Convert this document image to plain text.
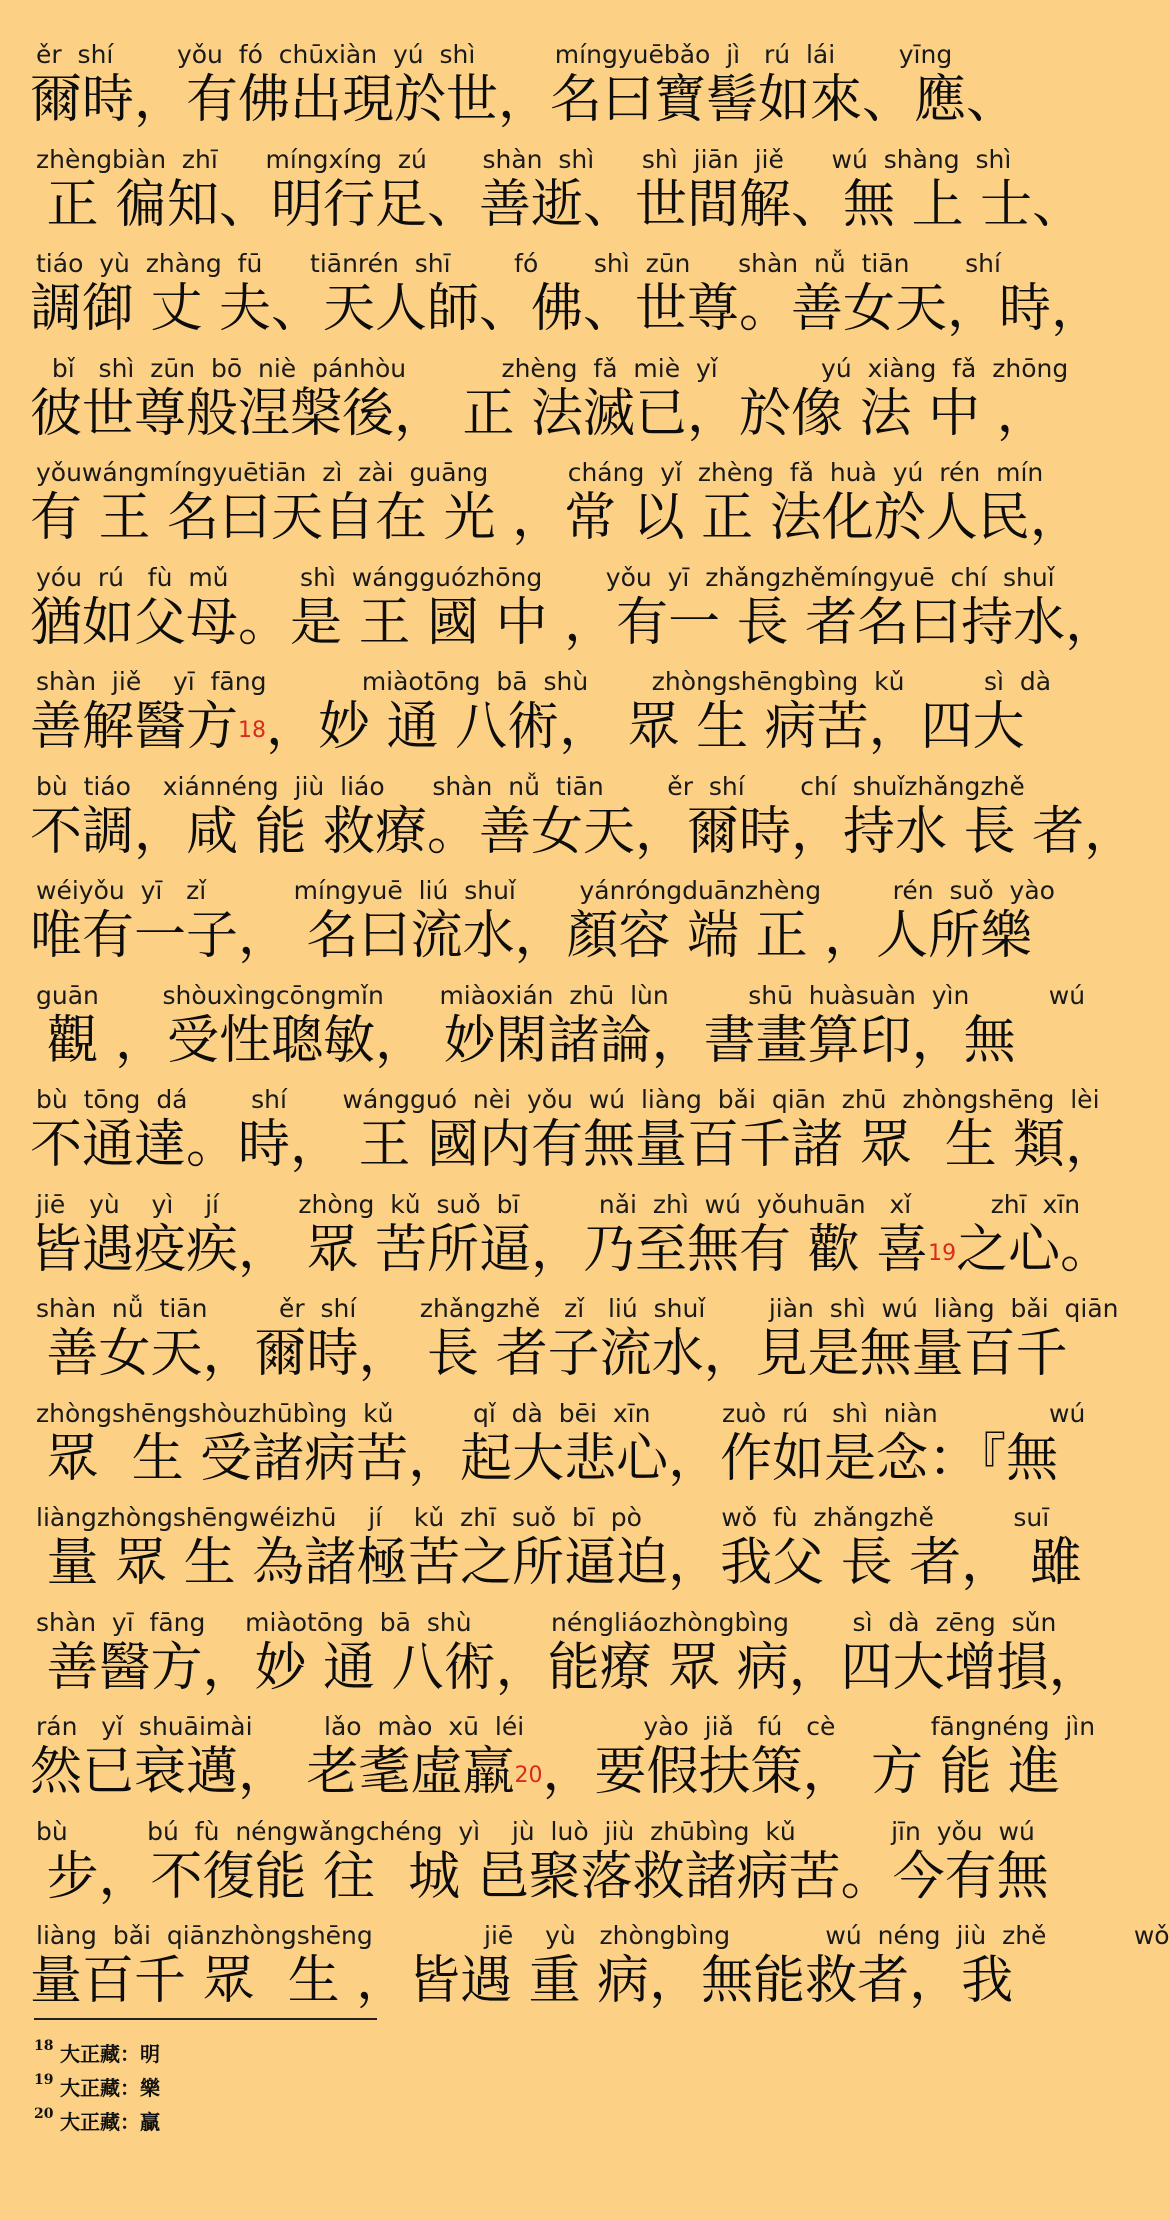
ěr  shí        yǒu  fó  chūxiàn  yú  shì          míngyuēbǎo  jì   rú  lái        yīng
爾時，有佛出現於世，名曰寶髻如來、應、
zhèngbiàn  zhī      míngxíng  zú       shàn  shì      shì  jiān  jiě      wú  shàng  shì
正 徧知、明行足、善逝、世間解、無 上 士、
tiáo  yù  zhàng  fū      tiānrén  shī        fó       shì  zūn      shàn  nǚ  tiān       shí
調御 丈 夫、天人師、佛、世尊。善女天，時，
bǐ   shì  zūn  bō  niè  pánhòu            zhèng  fǎ  miè  yǐ             yú  xiàng  fǎ  zhōng
彼世尊般涅槃後， 正 法滅已，於像 法 中 ，
yǒuwángmíngyuētiān  zì  zài  guāng          cháng  yǐ  zhèng  fǎ  huà  yú  rén  mín
有 王 名曰天自在 光 ，常 以 正 法化於人民，
yóu  rú   fù  mǔ         shì  wángguózhōng        yǒu  yī  zhǎngzhěmíngyuē  chí  shuǐ
猶如父母。是 王 國 中 ，有一 長 者名曰持水，
shàn  jiě    yī  fāng            miàotōng  bā  shù        zhòngshēngbìng  kǔ          sì  dà
善解醫方$^{18}$，妙 通 八術， 眾 生 病苦，四大
bù  tiáo    xiánnéng  jiù  liáo      shàn  nǚ  tiān        ěr  shí       chí  shuǐzhǎngzhě
不調，咸 能 救療。善女天，爾時，持水 長 者，
wéiyǒu  yī   zǐ           míngyuē  liú  shuǐ        yánróngduānzhèng         rén  suǒ  yào
唯有一子， 名曰流水，顏容 端 正 ，人所樂
guān        shòuxìngcōngmǐn       miàoxián  zhū  lùn          shū  huàsuàn  yìn          wú
觀 ，受性聰敏， 妙閑諸論，書畫算印，無
bù  tōng  dá        shí       wángguó  nèi  yǒu  wú  liàng  bǎi  qiān  zhū  zhòngshēng  lèi
不通達。時， 王 國内有無量百千諸 眾  生 類，
jiē   yù    yì    jí          zhòng  kǔ  suǒ  bī          nǎi  zhì  wú  yǒuhuān   xǐ          zhī  xīn
皆遇疫疾， 眾 苦所逼，乃至無有 歡 喜$^{19}$之心。
shàn  nǚ  tiān         ěr  shí        zhǎngzhě   zǐ   liú  shuǐ        jiàn  shì  wú  liàng  bǎi  qiān
善女天，爾時， 長 者子流水，見是無量百千
zhòngshēngshòuzhūbìng  kǔ          qǐ  dà  bēi  xīn         zuò  rú   shì  niàn              wú
眾  生 受諸病苦，起大悲心，作如是念：『無
liàngzhòngshēngwéizhū    jí    kǔ  zhī  suǒ  bī  pò          wǒ  fù  zhǎngzhě          suī
量 眾 生 為諸極苦之所逼迫，我父 長 者， 雖
shàn  yī  fāng     miàotōng  bā  shù          néngliáozhòngbìng        sì  dà  zēng  sǔn
善醫方，妙 通 八術，能療 眾 病，四大增損，
rán   yǐ  shuāimài         lǎo  mào  xū  léi               yào  jiǎ   fú   cè            fāngnéng  jìn
然已衰邁， 老耄虛羸$^{20}$，要假扶策， 方 能 進
bù          bú  fù  néngwǎngchéng  yì    jù  luò  jiù  zhūbìng  kǔ            jīn  yǒu  wú
步，不復能 往  城 邑聚落救諸病苦。今有無
liàng  bǎi  qiānzhòngshēng              jiē    yù   zhòngbìng            wú  néng  jiù  zhě           wǒ
量百千 眾  生 ，皆遇 重 病，無能救者，我
18 大正藏：明
19 大正藏：樂
20 大正藏：贏
